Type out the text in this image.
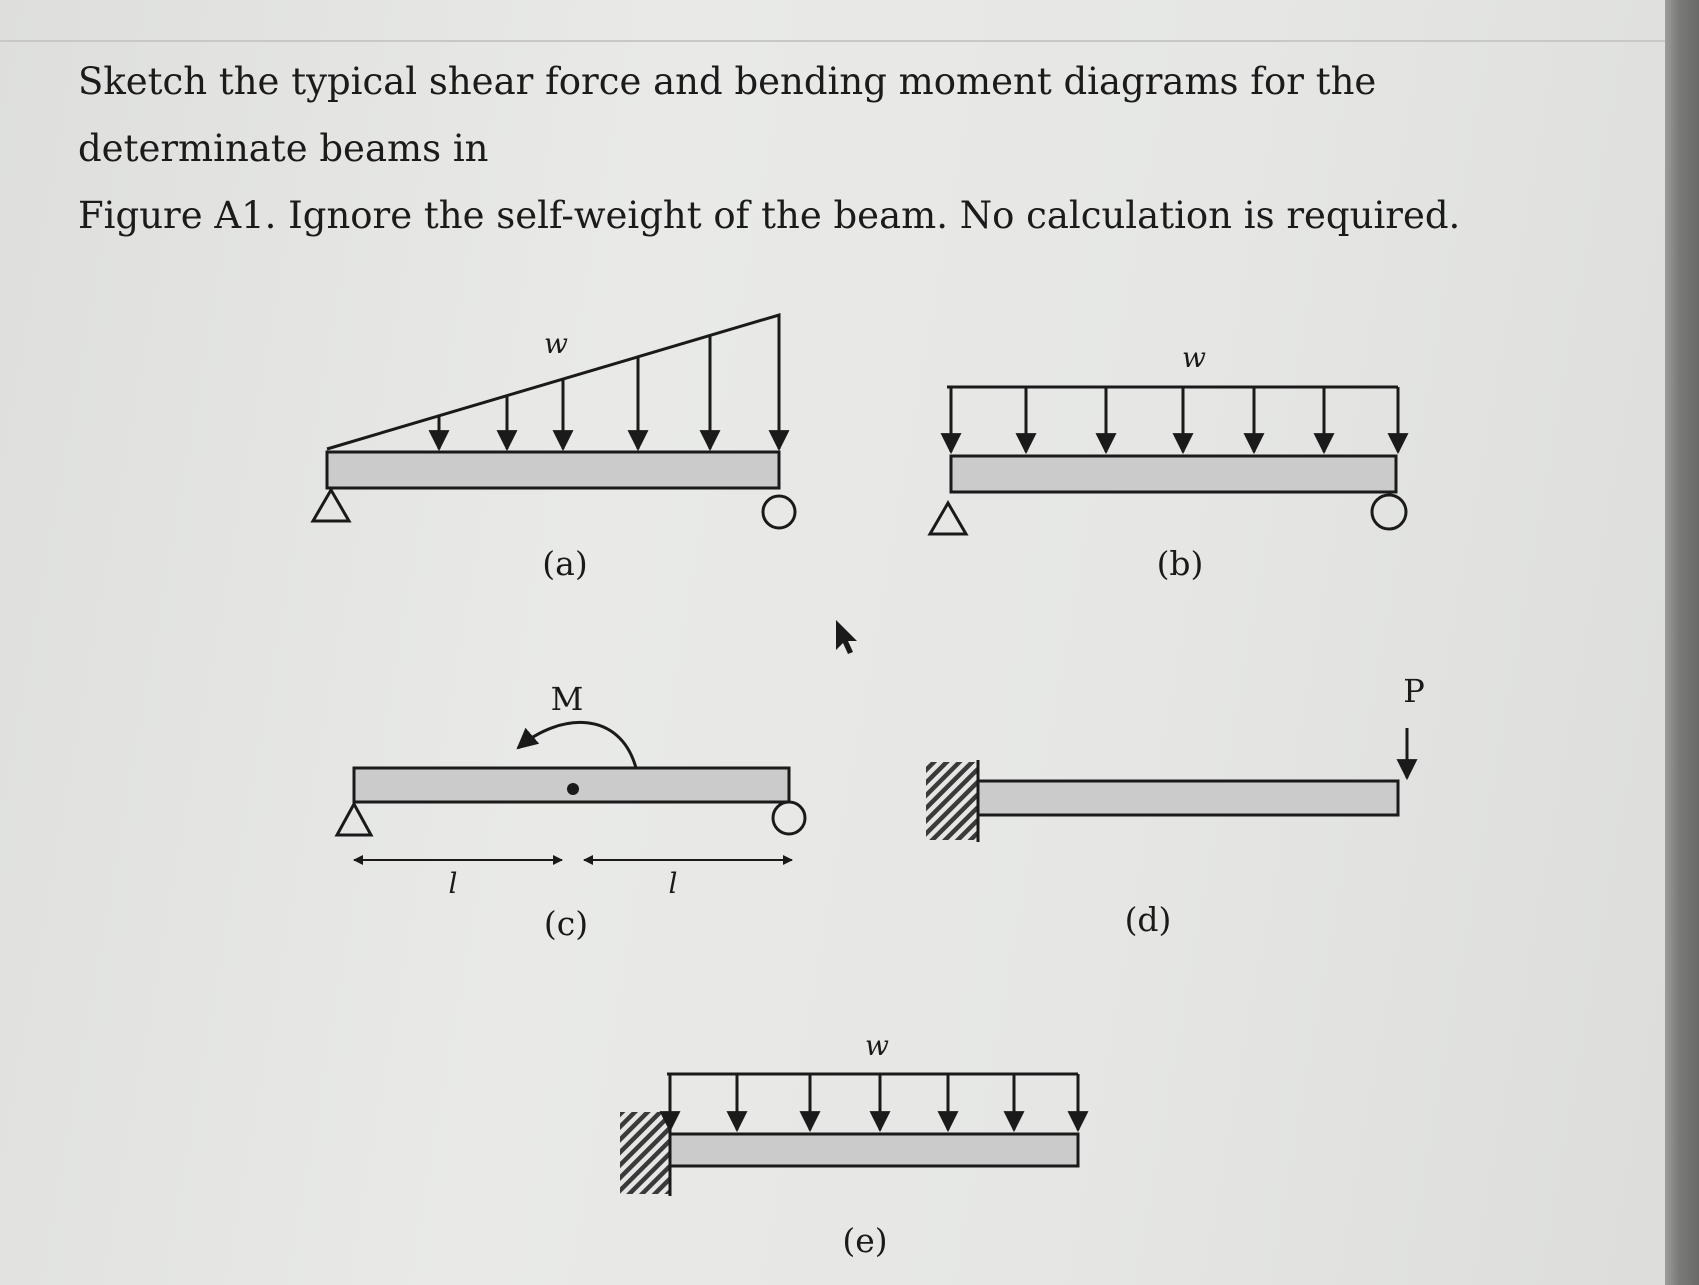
Sketch the typical shear force and bending moment diagrams for the determinate beams in

Figure A1. Ignore the self-weight of the beam. No calculation is required.

w
(a)
w
(b)
M
l	l
(c)
P
(d)
w
(e)
